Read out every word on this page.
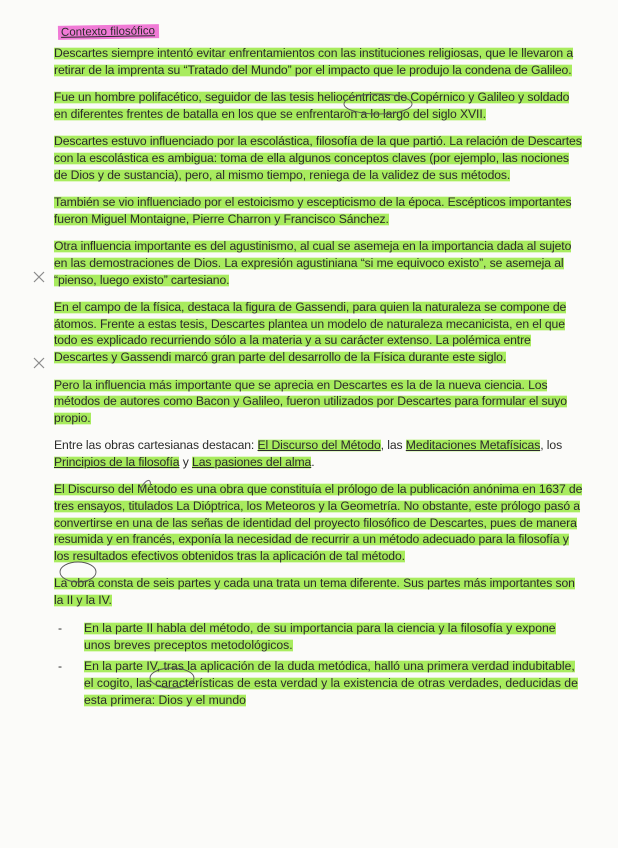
Contexto filosófico

Descartes siempre intentó evitar enfrentamientos con las instituciones religiosas, que le llevaron a retirar de la imprenta su “Tratado del Mundo” por el impacto que le produjo la condena de Galileo.

Fue un hombre polifacético, seguidor de las tesis heliocéntricas de Copérnico y Galileo y soldado en diferentes frentes de batalla en los que se enfrentaron a lo largo del siglo XVII.

Descartes estuvo influenciado por la escolástica, filosofía de la que partió. La relación de Descartes con la escolástica es ambigua: toma de ella algunos conceptos claves (por ejemplo, las nociones de Dios y de sustancia), pero, al mismo tiempo, reniega de la validez de sus métodos.

También se vio influenciado por el estoicismo y escepticismo de la época. Escépticos importantes fueron Miguel Montaigne, Pierre Charron y Francisco Sánchez.

Otra influencia importante es del agustinismo, al cual se asemeja en la importancia dada al sujeto en las demostraciones de Dios. La expresión agustiniana “si me equivoco existo”, se asemeja al “pienso, luego existo” cartesiano.

En el campo de la física, destaca la figura de Gassendi, para quien la naturaleza se compone de átomos. Frente a estas tesis, Descartes plantea un modelo de naturaleza mecanicista, en el que todo es explicado recurriendo sólo a la materia y a su carácter extenso. La polémica entre Descartes y Gassendi marcó gran parte del desarrollo de la Física durante este siglo.

Pero la influencia más importante que se aprecia en Descartes es la de la nueva ciencia. Los métodos de autores como Bacon y Galileo, fueron utilizados por Descartes para formular el suyo propio.

Entre las obras cartesianas destacan: El Discurso del Método, las Meditaciones Metafísicas, los Principios de la filosofía y Las pasiones del alma.

El Discurso del Método es una obra que constituía el prólogo de la publicación anónima en 1637 de tres ensayos, titulados La Dióptrica, los Meteoros y la Geometría. No obstante, este prólogo pasó a convertirse en una de las señas de identidad del proyecto filosófico de Descartes, pues de manera resumida y en francés, exponía la necesidad de recurrir a un método adecuado para la filosofía y los resultados efectivos obtenidos tras la aplicación de tal método.

La obra consta de seis partes y cada una trata un tema diferente. Sus partes más importantes son la II y la IV.

- En la parte II habla del método, de su importancia para la ciencia y la filosofía y expone unos breves preceptos metodológicos.
- En la parte IV, tras la aplicación de la duda metódica, halló una primera verdad indubitable, el cogito, las características de esta verdad y la existencia de otras verdades, deducidas de esta primera: Dios y el mundo
